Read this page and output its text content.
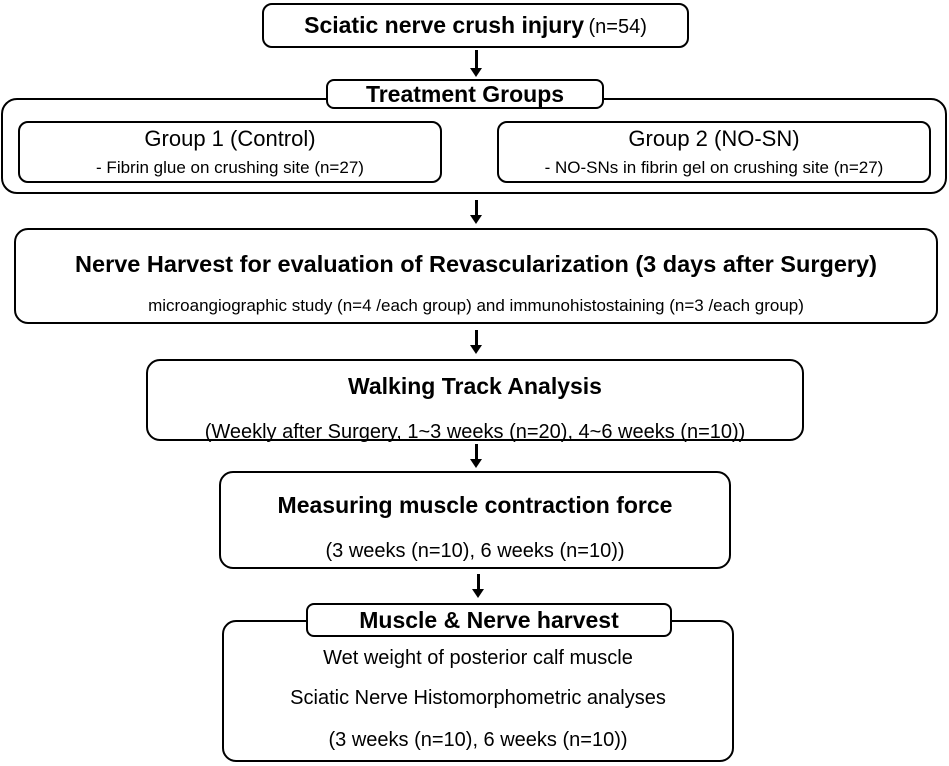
Sciatic nerve crush injury (n=54)
Treatment Groups
Group 1 (Control)
- Fibrin glue on crushing site (n=27)
Group 2 (NO-SN)
- NO-SNs in fibrin gel on crushing site (n=27)
Nerve Harvest for evaluation of Revascularization (3 days after Surgery)
microangiographic study (n=4 /each group) and immunohistostaining (n=3 /each group)
Walking Track Analysis
(Weekly after Surgery, 1~3 weeks (n=20), 4~6 weeks (n=10))
Measuring muscle contraction force
(3 weeks (n=10), 6 weeks (n=10))
Muscle & Nerve harvest
Wet weight of posterior calf muscle
Sciatic Nerve Histomorphometric analyses
(3 weeks (n=10), 6 weeks (n=10))
